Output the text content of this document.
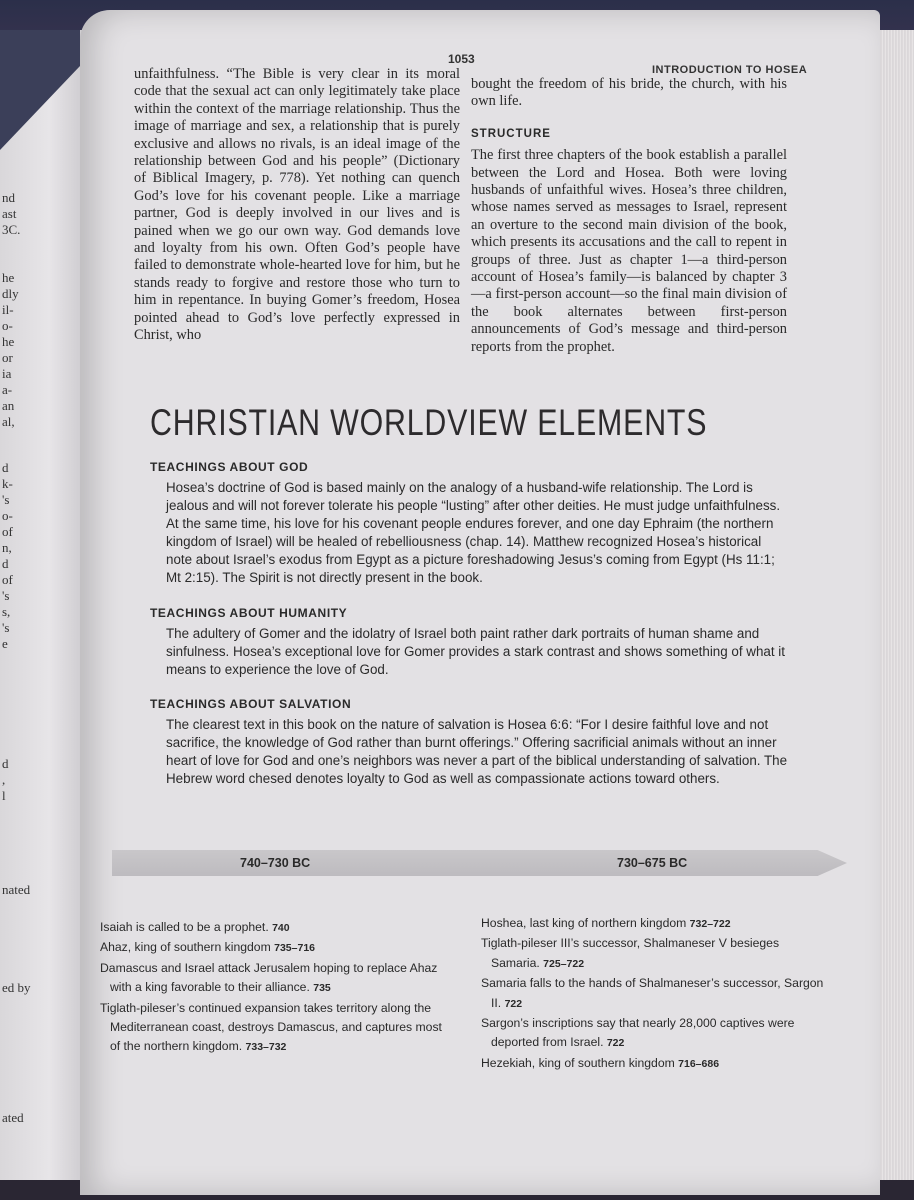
nd
ast
3C.
he
dly
il-
o-
he
or
ia
a-
an
al,
d
k-
's
o-
of
n,
d
of
's
s,
's
e
d
,
l
nated
ed by
ated
1053
INTRODUCTION TO HOSEA

unfaithfulness. “The Bible is very clear in its moral code that the sexual act can only legitimately take place within the context of the marriage relationship. Thus the image of marriage and sex, a relationship that is purely exclusive and allows no rivals, is an ideal image of the relationship between God and his people” (Dictionary of Biblical Imagery, p. 778). Yet nothing can quench God’s love for his covenant people. Like a marriage partner, God is deeply involved in our lives and is pained when we go our own way. God demands love and loyalty from his own. Often God’s people have failed to demonstrate whole-hearted love for him, but he stands ready to forgive and restore those who turn to him in repentance. In buying Gomer’s freedom, Hosea pointed ahead to God’s love perfectly expressed in Christ, who

bought the freedom of his bride, the church, with his own life.

STRUCTURE

The first three chapters of the book establish a parallel between the Lord and Hosea. Both were loving husbands of unfaithful wives. Hosea’s three children, whose names served as messages to Israel, represent an overture to the second main division of the book, which presents its accusations and the call to repent in groups of three. Just as chapter 1—a third-person account of Hosea’s family—is balanced by chapter 3—a first-person account—so the final main division of the book alternates between first-person announcements of God’s message and third-person reports from the prophet.

CHRISTIAN WORLDVIEW ELEMENTS
TEACHINGS ABOUT GOD
Hosea’s doctrine of God is based mainly on the analogy of a husband-wife relationship. The Lord is jealous and will not forever tolerate his people “lusting” after other deities. He must judge unfaithfulness. At the same time, his love for his covenant people endures forever, and one day Ephraim (the northern kingdom of Israel) will be healed of rebelliousness (chap. 14). Matthew recognized Hosea’s historical note about Israel’s exodus from Egypt as a picture foreshadowing Jesus’s coming from Egypt (Hs 11:1; Mt 2:15). The Spirit is not directly present in the book.
TEACHINGS ABOUT HUMANITY
The adultery of Gomer and the idolatry of Israel both paint rather dark portraits of human shame and sinfulness. Hosea’s exceptional love for Gomer provides a stark contrast and shows something of what it means to experience the love of God.
TEACHINGS ABOUT SALVATION
The clearest text in this book on the nature of salvation is Hosea 6:6: “For I desire faithful love and not sacrifice, the knowledge of God rather than burnt offerings.” Offering sacrificial animals without an inner heart of love for God and one’s neighbors was never a part of the biblical understanding of salvation. The Hebrew word chesed denotes loyalty to God as well as compassionate actions toward others.
740–730 BC	730–675 BC
Isaiah is called to be a prophet. 740
Ahaz, king of southern kingdom 735–716
Damascus and Israel attack Jerusalem hoping to replace Ahaz with a king favorable to their alliance. 735
Tiglath-pileser’s continued expansion takes territory along the Mediterranean coast, destroys Damascus, and captures most of the northern kingdom. 733–732
Hoshea, last king of northern kingdom 732–722
Tiglath-pileser III’s successor, Shalmaneser V besieges Samaria. 725–722
Samaria falls to the hands of Shalmaneser’s successor, Sargon II. 722
Sargon’s inscriptions say that nearly 28,000 captives were deported from Israel. 722
Hezekiah, king of southern kingdom 716–686
